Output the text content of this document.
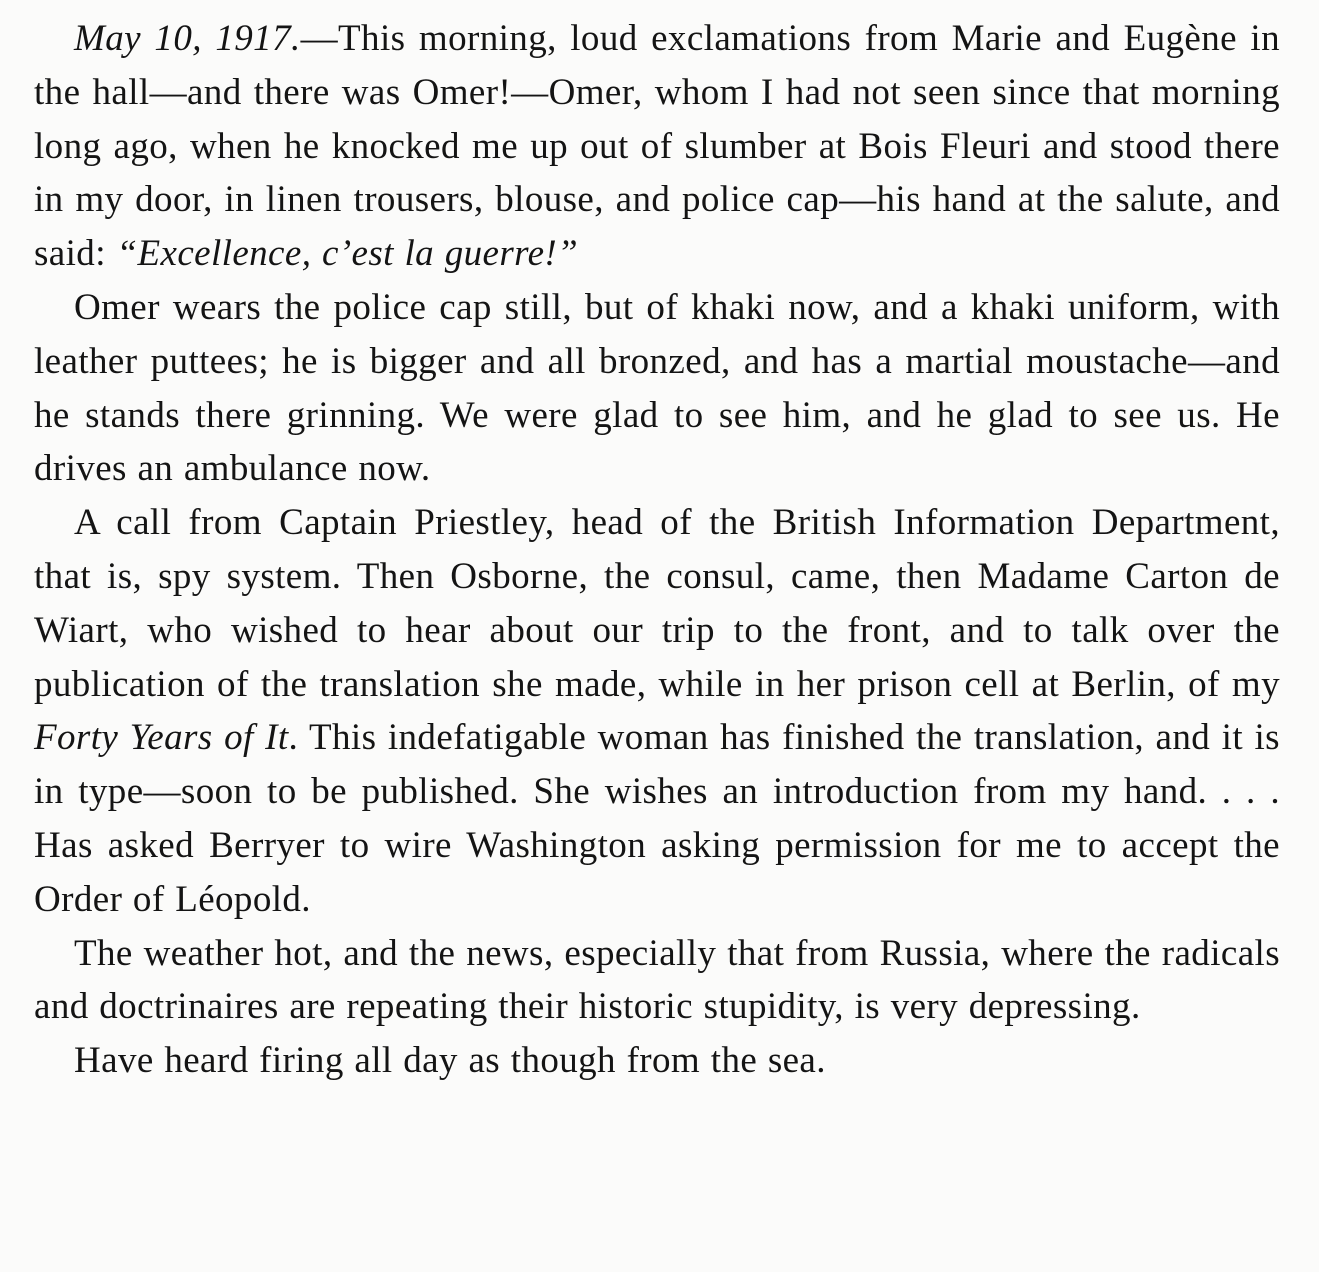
May 10, 1917.—This morning, loud exclamations from Marie and Eugène in the hall—and there was Omer!—Omer, whom I had not seen since that morning long ago, when he knocked me up out of slumber at Bois Fleuri and stood there in my door, in linen trousers, blouse, and police cap—his hand at the salute, and said: “Excellence, c’est la guerre!”

Omer wears the police cap still, but of khaki now, and a khaki uniform, with leather puttees; he is bigger and all bronzed, and has a martial moustache—and he stands there grinning. We were glad to see him, and he glad to see us. He drives an ambulance now.

A call from Captain Priestley, head of the British Information Department, that is, spy system. Then Osborne, the consul, came, then Madame Carton de Wiart, who wished to hear about our trip to the front, and to talk over the publication of the translation she made, while in her prison cell at Berlin, of my Forty Years of It. This indefatigable woman has finished the translation, and it is in type—soon to be published. She wishes an introduction from my hand. . . . Has asked Berryer to wire Washington asking permission for me to accept the Order of Léopold.

The weather hot, and the news, especially that from Russia, where the radicals and doctrinaires are repeating their historic stupidity, is very depressing.

Have heard firing all day as though from the sea.
